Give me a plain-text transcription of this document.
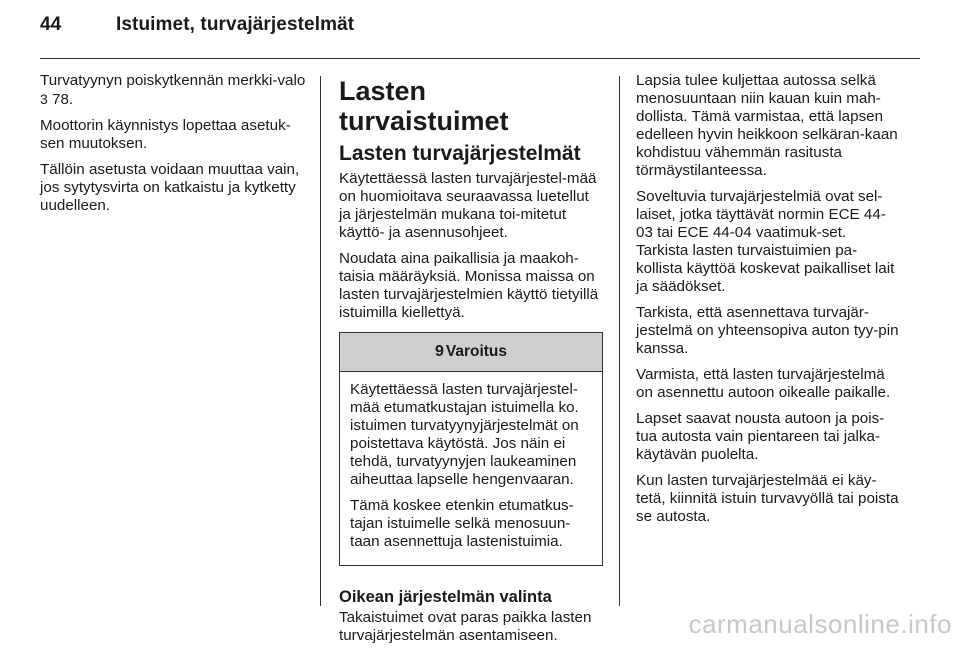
44	Istuimet, turvajärjestelmät

Turvatyynyn poiskytkennän merkki-valo 3 78.

Moottorin käynnistys lopettaa asetuk-sen muutoksen.

Tällöin asetusta voidaan muuttaa vain, jos sytytysvirta on katkaistu ja kytketty uudelleen.

Lasten turvaistuimet
Lasten turvajärjestelmät

Käytettäessä lasten turvajärjestel-mää on huomioitava seuraavassa luetellut ja järjestelmän mukana toi-mitetut käyttö- ja asennusohjeet.

Noudata aina paikallisia ja maakoh-taisia määräyksiä. Monissa maissa on lasten turvajärjestelmien käyttö tietyillä istuimilla kiellettyä.

9 Varoitus

Käytettäessä lasten turvajärjestel-mää etumatkustajan istuimella ko. istuimen turvatyynyjärjestelmät on poistettava käytöstä. Jos näin ei tehdä, turvatyynyjen laukeaminen aiheuttaa lapselle hengenvaaran.

Tämä koskee etenkin etumatkus-tajan istuimelle selkä menosuun-taan asennettuja lastenistuimia.

Oikean järjestelmän valinta

Takaistuimet ovat paras paikka lasten turvajärjestelmän asentamiseen.

Lapsia tulee kuljettaa autossa selkä menosuuntaan niin kauan kuin mah-dollista. Tämä varmistaa, että lapsen edelleen hyvin heikkoon selkäran-kaan kohdistuu vähemmän rasitusta törmäystilanteessa.

Soveltuvia turvajärjestelmiä ovat sel-laiset, jotka täyttävät normin ECE 44-03 tai ECE 44-04 vaatimuk-set. Tarkista lasten turvaistuimien pa-kollista käyttöä koskevat paikalliset lait ja säädökset.

Tarkista, että asennettava turvajär-jestelmä on yhteensopiva auton tyy-pin kanssa.

Varmista, että lasten turvajärjestelmä on asennettu autoon oikealle paikalle.

Lapset saavat nousta autoon ja pois-tua autosta vain pientareen tai jalka-käytävän puolelta.

Kun lasten turvajärjestelmää ei käy-tetä, kiinnitä istuin turvavyöllä tai poista se autosta.

carmanualsonline.info
